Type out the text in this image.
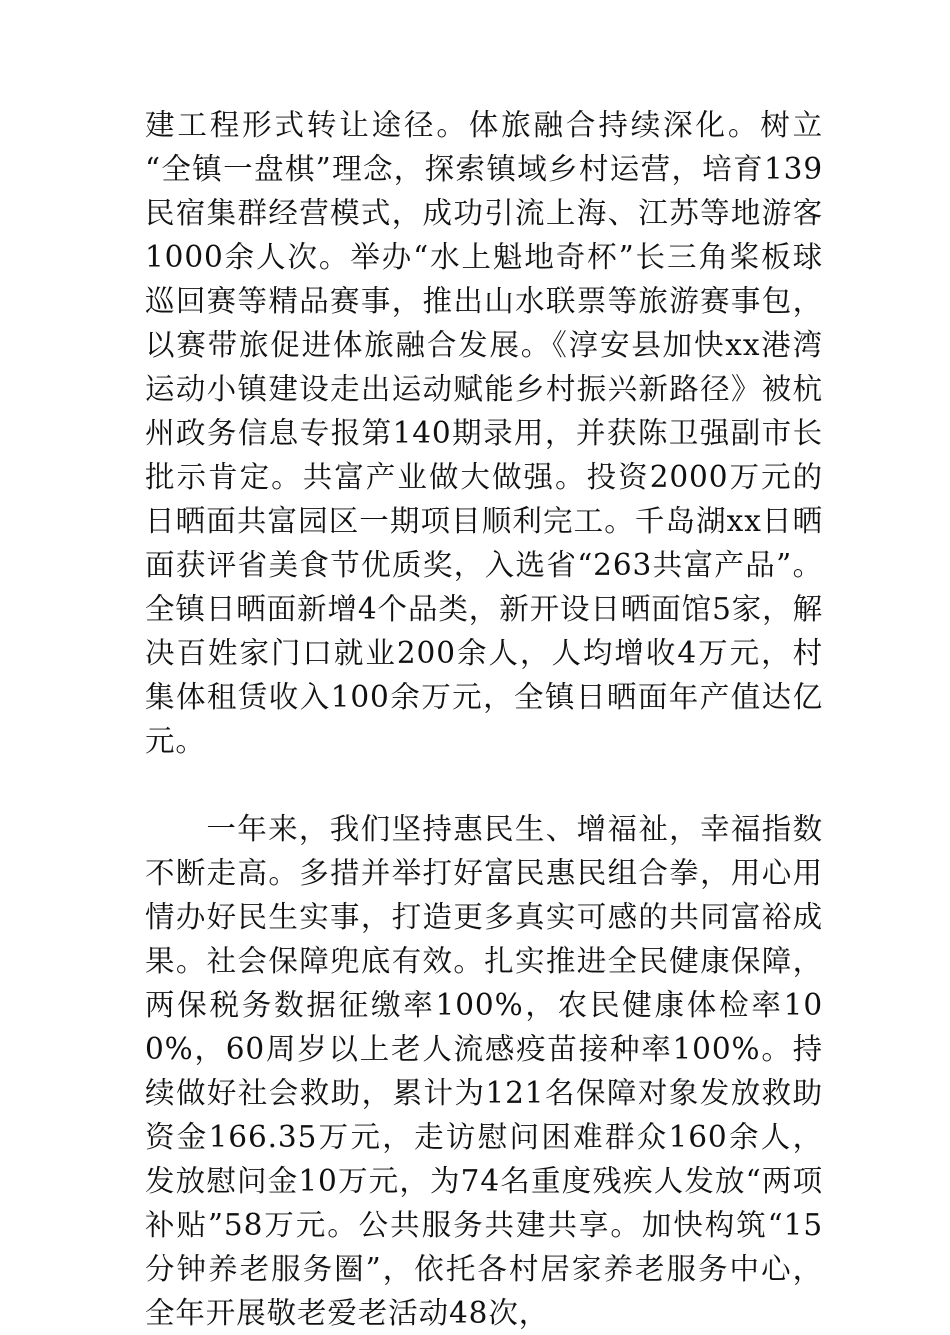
建工程形式转让途径。体旅融合持续深化。树立“全镇一盘棋”理念，探索镇域乡村运营，培育139民宿集群经营模式，成功引流上海、江苏等地游客1000余人次。举办“水上魁地奇杯”长三角桨板球巡回赛等精品赛事，推出山水联票等旅游赛事包，以赛带旅促进体旅融合发展。《淳安县加快xx港湾运动小镇建设走出运动赋能乡村振兴新路径》被杭州政务信息专报第140期录用，并获陈卫强副市长批示肯定。共富产业做大做强。投资2000万元的日晒面共富园区一期项目顺利完工。千岛湖xx日晒面获评省美食节优质奖，入选省“263共富产品”。全镇日晒面新增4个品类，新开设日晒面馆5家，解决百姓家门口就业200余人，人均增收4万元，村集体租赁收入100余万元，全镇日晒面年产值达亿元。

一年来，我们坚持惠民生、增福祉，幸福指数不断走高。多措并举打好富民惠民组合拳，用心用情办好民生实事，打造更多真实可感的共同富裕成果。社会保障兜底有效。扎实推进全民健康保障，两保税务数据征缴率100%，农民健康体检率100%，60周岁以上老人流感疫苗接种率100%。持续做好社会救助，累计为121名保障对象发放救助资金166.35万元，走访慰问困难群众160余人，发放慰问金10万元，为74名重度残疾人发放“两项补贴”58万元。公共服务共建共享。加快构筑“15分钟养老服务圈”，依托各村居家养老服务中心，全年开展敬老爱老活动48次，
